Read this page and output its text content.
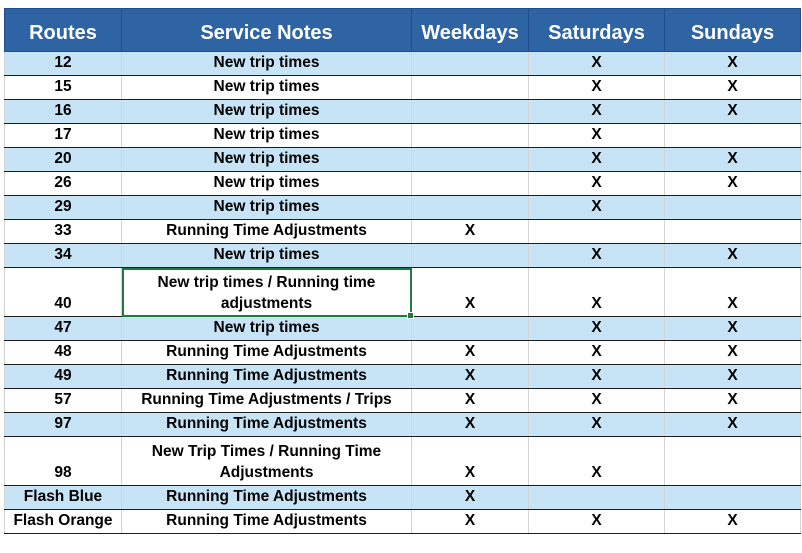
Routes	Service Notes	Weekdays	Saturdays	Sundays
12	New trip times		X	X
15	New trip times		X	X
16	New trip times		X	X
17	New trip times		X	
20	New trip times		X	X
26	New trip times		X	X
29	New trip times		X	
33	Running Time Adjustments	X		
34	New trip times		X	X
40	New trip times / Running time adjustments	X	X	X
47	New trip times		X	X
48	Running Time Adjustments	X	X	X
49	Running Time Adjustments	X	X	X
57	Running Time Adjustments / Trips	X	X	X
97	Running Time Adjustments	X	X	X
98	New Trip Times / Running Time Adjustments	X	X	
Flash Blue	Running Time Adjustments	X		
Flash Orange	Running Time Adjustments	X	X	X
